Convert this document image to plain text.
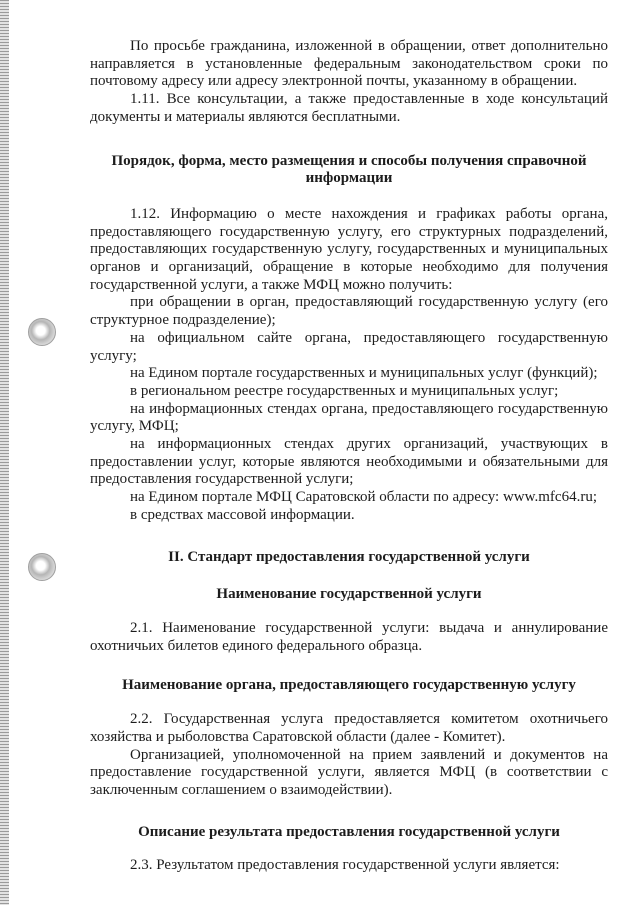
По просьбе гражданина, изложенной в обращении, ответ дополнительно направляется в установленные федеральным законодательством сроки по почтовому адресу или адресу электронной почты, указанному в обращении.

1.11. Все консультации, а также предоставленные в ходе консультаций документы и материалы являются бесплатными.

Порядок, форма, место размещения и способы получения справочной информации

1.12. Информацию о месте нахождения и графиках работы органа, предоставляющего государственную услугу, его структурных подразделений, предоставляющих государственную услугу, государственных и муниципальных органов и организаций, обращение в которые необходимо для получения государственной услуги, а также МФЦ можно получить:

при обращении в орган, предоставляющий государственную услугу (его структурное подразделение);

на официальном сайте органа, предоставляющего государственную услугу;

на Едином портале государственных и муниципальных услуг (функций);

в региональном реестре государственных и муниципальных услуг;

на информационных стендах органа, предоставляющего государственную услугу, МФЦ;

на информационных стендах других организаций, участвующих в предоставлении услуг, которые являются необходимыми и обязательными для предоставления государственной услуги;

на Едином портале МФЦ Саратовской области по адресу: www.mfc64.ru;

в средствах массовой информации.

II. Стандарт предоставления государственной услуги
Наименование государственной услуги

2.1. Наименование государственной услуги: выдача и аннулирование охотничьих билетов единого федерального образца.

Наименование органа, предоставляющего государственную услугу

2.2. Государственная услуга предоставляется комитетом охотничьего хозяйства и рыболовства Саратовской области (далее - Комитет).

Организацией, уполномоченной на прием заявлений и документов на предоставление государственной услуги, является МФЦ (в соответствии с заключенным соглашением о взаимодействии).

Описание результата предоставления государственной услуги

2.3. Результатом предоставления государственной услуги является:
